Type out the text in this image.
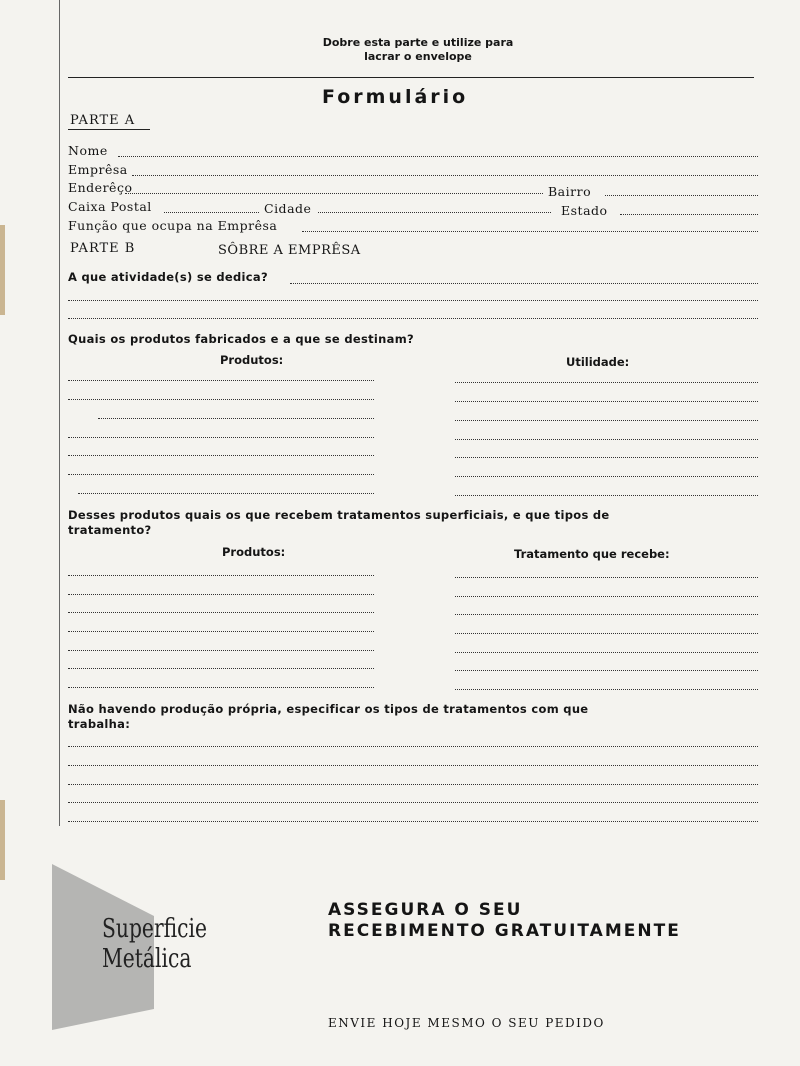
Dobre esta parte e utilize para
lacrar o envelope
Formulário
PARTE A
Nome
Emprêsa
Enderêço	Bairro
Caixa Postal	Cidade	Estado
Função que ocupa na Emprêsa
PARTE B	SÔBRE A EMPRÊSA
A que atividade(s) se dedica?
Quais os produtos fabricados e a que se destinam?
Produtos:	Utilidade:
Desses produtos quais os que recebem tratamentos superficiais, e que tipos de
tratamento?
Produtos:	Tratamento que recebe:
Não havendo produção própria, especificar os tipos de tratamentos com que
trabalha:
Superficie
Metálica
ASSEGURA O SEU
RECEBIMENTO GRATUITAMENTE
ENVIE HOJE MESMO O SEU PEDIDO
